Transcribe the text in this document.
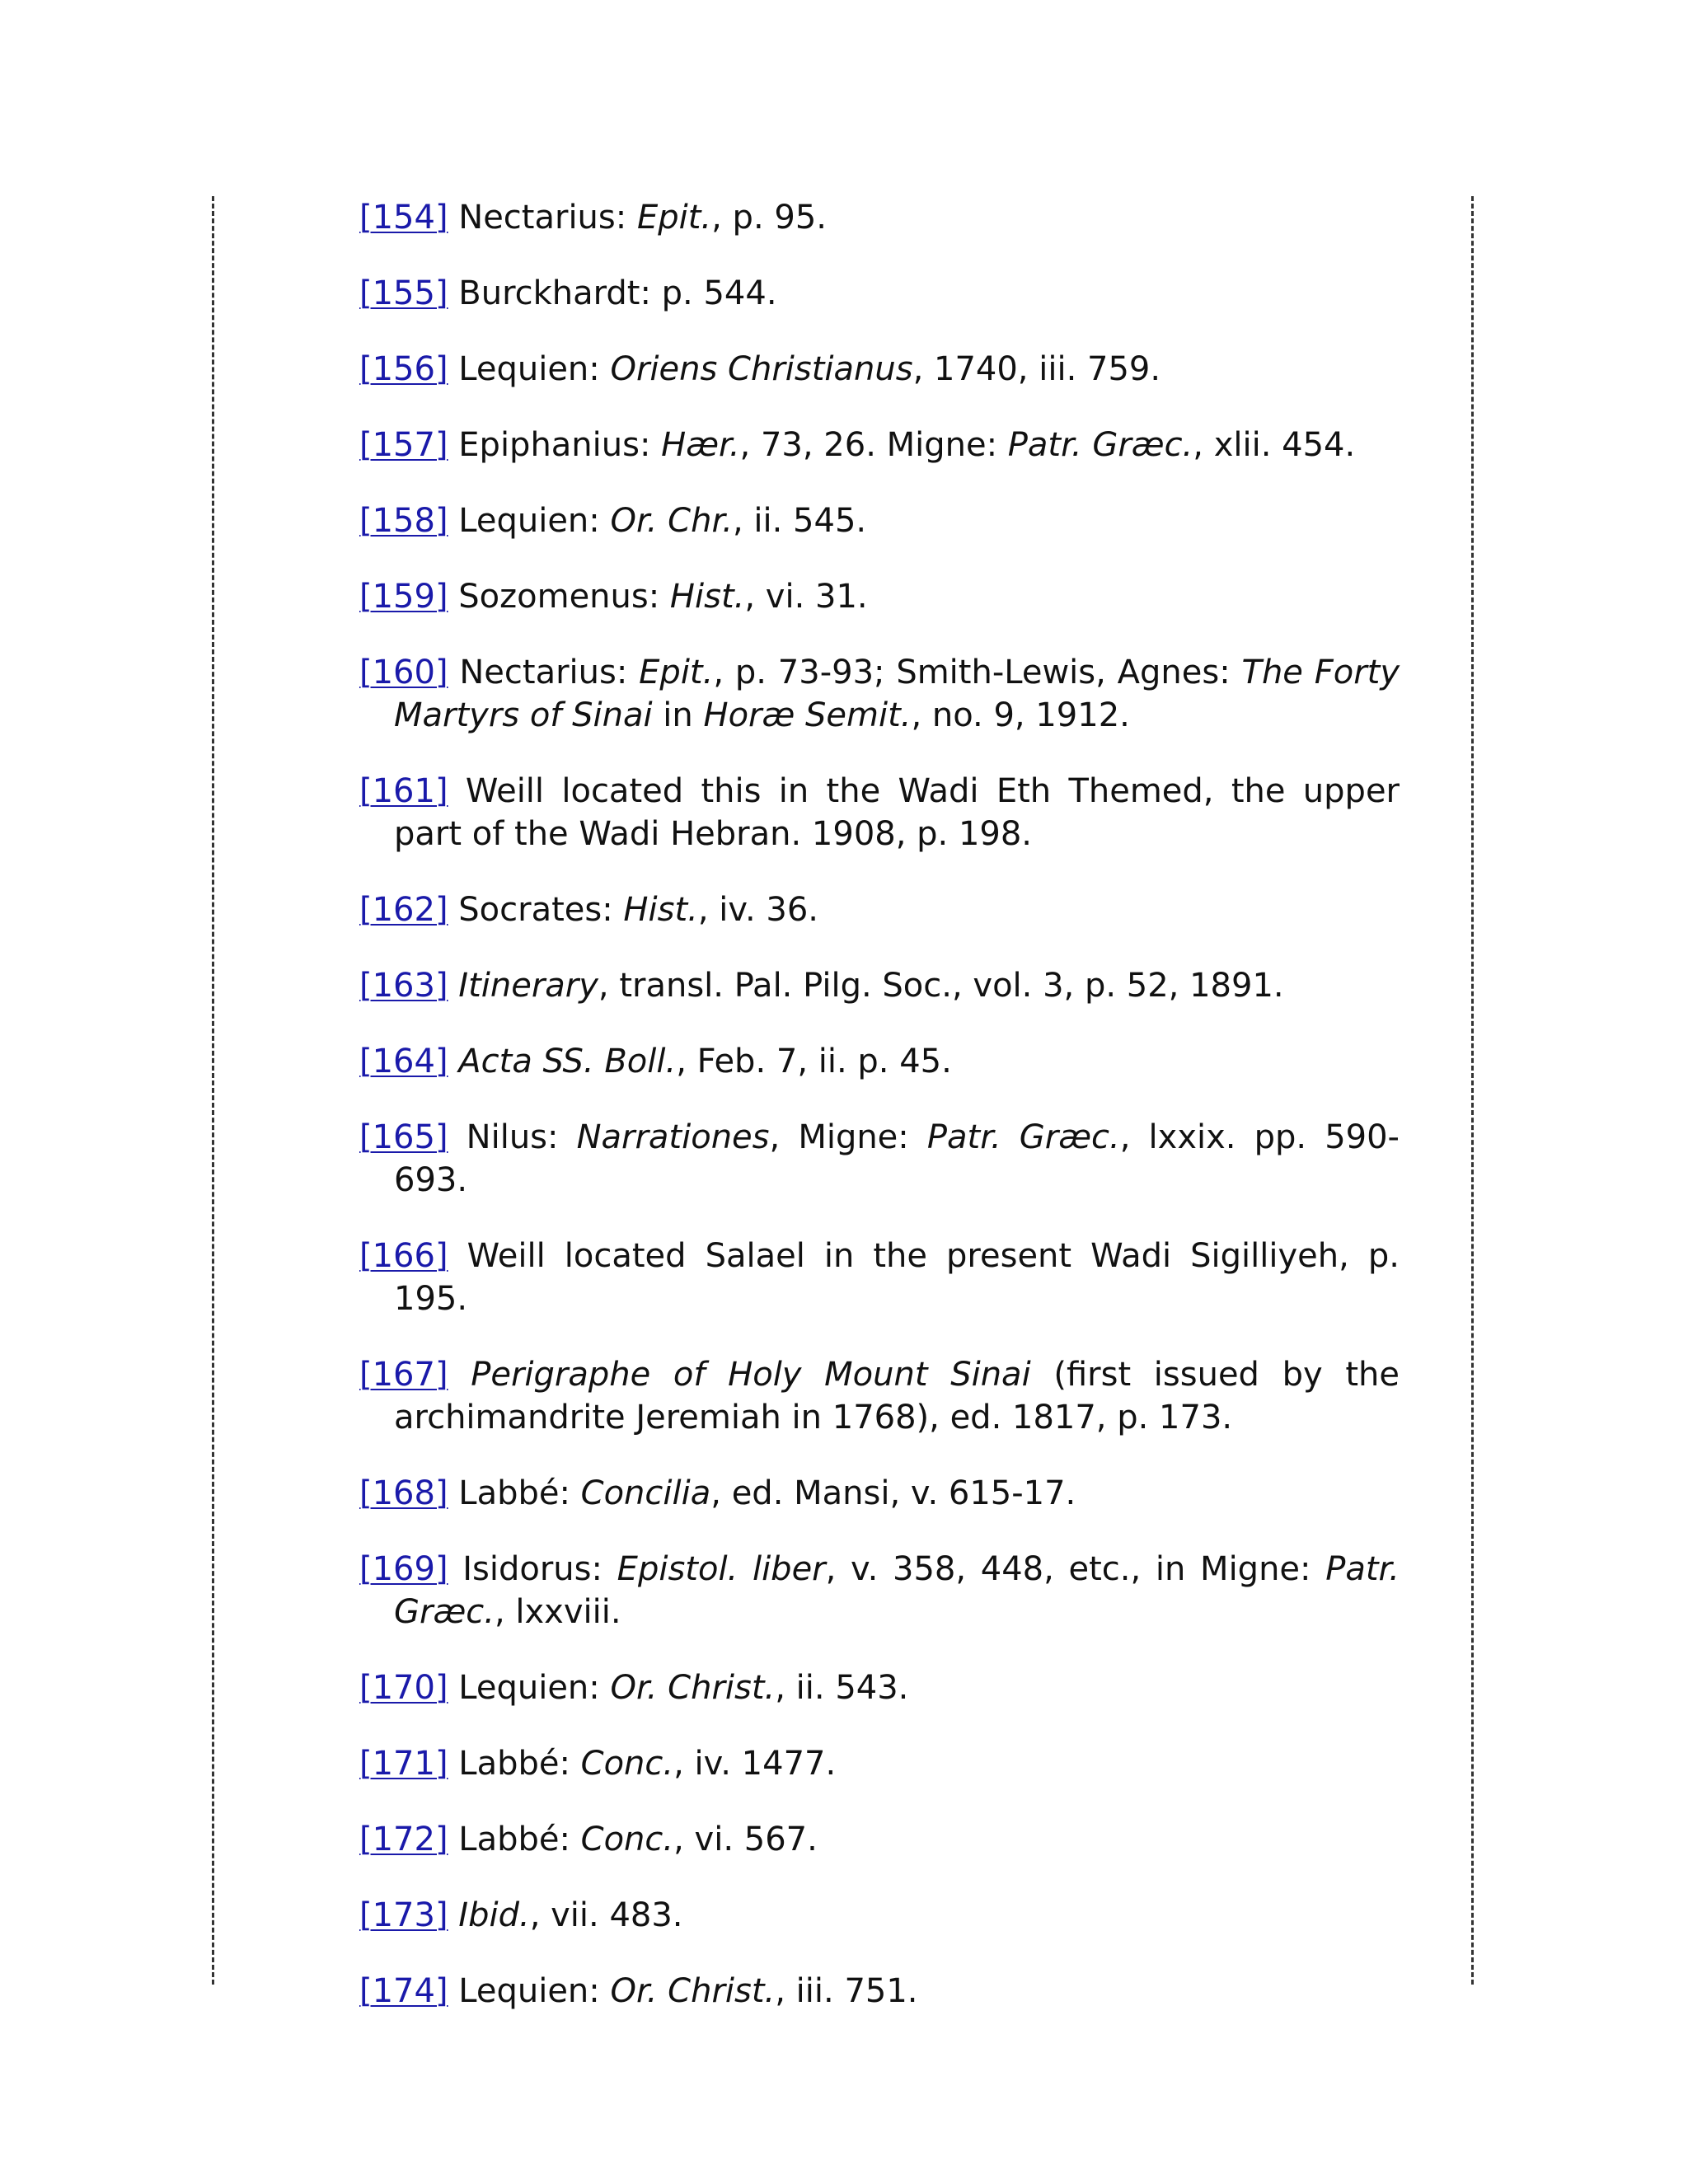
[154] Nectarius: Epit., p. 95.

[155] Burckhardt: p. 544.

[156] Lequien: Oriens Christianus, 1740, iii. 759.

[157] Epiphanius: Hær., 73, 26. Migne: Patr. Græc., xlii. 454.

[158] Lequien: Or. Chr., ii. 545.

[159] Sozomenus: Hist., vi. 31.

[160] Nectarius: Epit., p. 73-93; Smith-Lewis, Agnes: The Forty Martyrs of Sinai in Horæ Semit., no. 9, 1912.

[161] Weill located this in the Wadi Eth Themed, the upper part of the Wadi Hebran. 1908, p. 198.

[162] Socrates: Hist., iv. 36.

[163] Itinerary, transl. Pal. Pilg. Soc., vol. 3, p. 52, 1891.

[164] Acta SS. Boll., Feb. 7, ii. p. 45.

[165] Nilus: Narrationes, Migne: Patr. Græc., lxxix. pp. 590-693.

[166] Weill located Salael in the present Wadi Sigilliyeh, p. 195.

[167] Perigraphe of Holy Mount Sinai (first issued by the archimandrite Jeremiah in 1768), ed. 1817, p. 173.

[168] Labbé: Concilia, ed. Mansi, v. 615-17.

[169] Isidorus: Epistol. liber, v. 358, 448, etc., in Migne: Patr. Græc., lxxviii.

[170] Lequien: Or. Christ., ii. 543.

[171] Labbé: Conc., iv. 1477.

[172] Labbé: Conc., vi. 567.

[173] Ibid., vii. 483.

[174] Lequien: Or. Christ., iii. 751.
